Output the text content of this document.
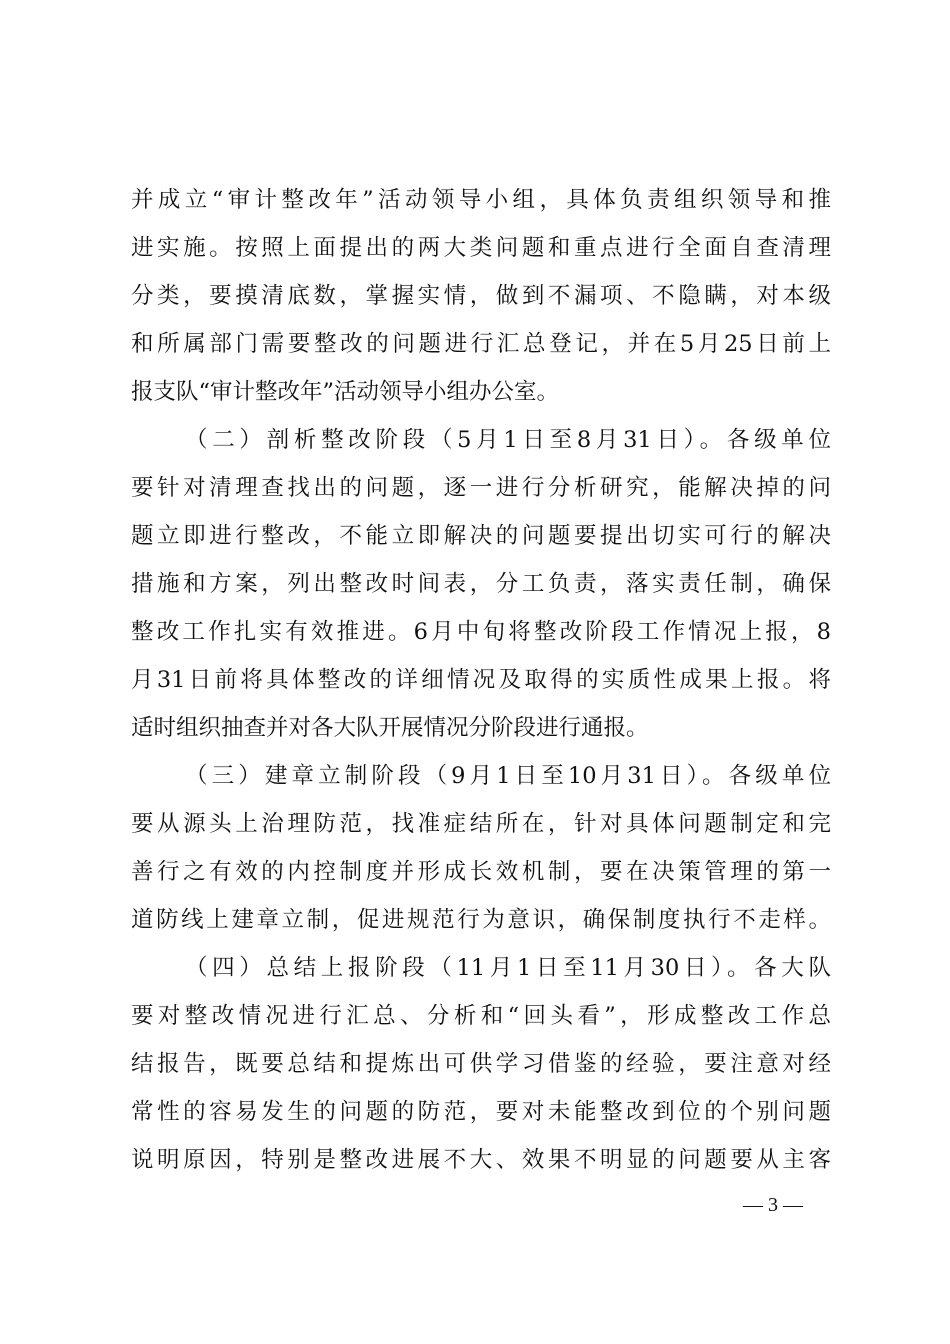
并成立“审计整改年”活动领导小组，具体负责组织领导和推
进实施。按照上面提出的两大类问题和重点进行全面自查清理
分类，要摸清底数，掌握实情，做到不漏项、不隐瞒，对本级
和所属部门需要整改的问题进行汇总登记，并在5月25日前上
报支队“审计整改年”活动领导小组办公室。
（二）剖析整改阶段（5月1日至8月31日）。各级单位
要针对清理查找出的问题，逐一进行分析研究，能解决掉的问
题立即进行整改，不能立即解决的问题要提出切实可行的解决
措施和方案，列出整改时间表，分工负责，落实责任制，确保
整改工作扎实有效推进。6月中旬将整改阶段工作情况上报，8
月31日前将具体整改的详细情况及取得的实质性成果上报。将
适时组织抽查并对各大队开展情况分阶段进行通报。
（三）建章立制阶段（9月1日至10月31日）。各级单位
要从源头上治理防范，找准症结所在，针对具体问题制定和完
善行之有效的内控制度并形成长效机制，要在决策管理的第一
道防线上建章立制，促进规范行为意识，确保制度执行不走样。
（四）总结上报阶段（11月1日至11月30日）。各大队
要对整改情况进行汇总、分析和“回头看”，形成整改工作总
结报告，既要总结和提炼出可供学习借鉴的经验，要注意对经
常性的容易发生的问题的防范，要对未能整改到位的个别问题
说明原因，特别是整改进展不大、效果不明显的问题要从主客
— 3 —
